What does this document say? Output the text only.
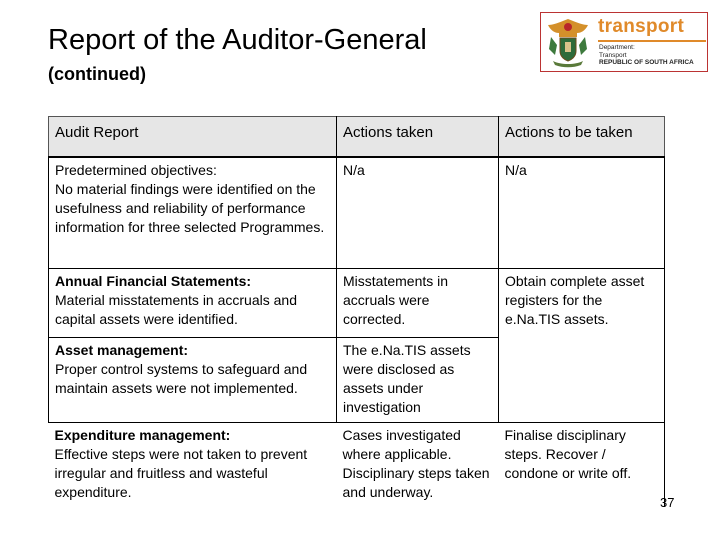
Report of the Auditor-General
(continued)
transport
Department:
Transport
REPUBLIC OF SOUTH AFRICA
Audit Report	Actions taken	Actions to be taken

Predetermined objectives:
No material findings were identified on the usefulness and reliability of performance information for three selected Programmes.	N/a	N/a

Annual Financial Statements:
Material misstatements in accruals and capital assets were identified.	Misstatements in accruals were corrected.	Obtain complete asset registers for the e.Na.TIS assets.

Asset management:
Proper control systems to safeguard and maintain assets were not implemented.	The e.Na.TIS assets were disclosed as assets under investigation	

Expenditure management:
Effective steps were not taken to prevent irregular and fruitless and wasteful expenditure.	Cases investigated where applicable. Disciplinary steps taken and underway.	Finalise disciplinary steps. Recover / condone or write off.
37
